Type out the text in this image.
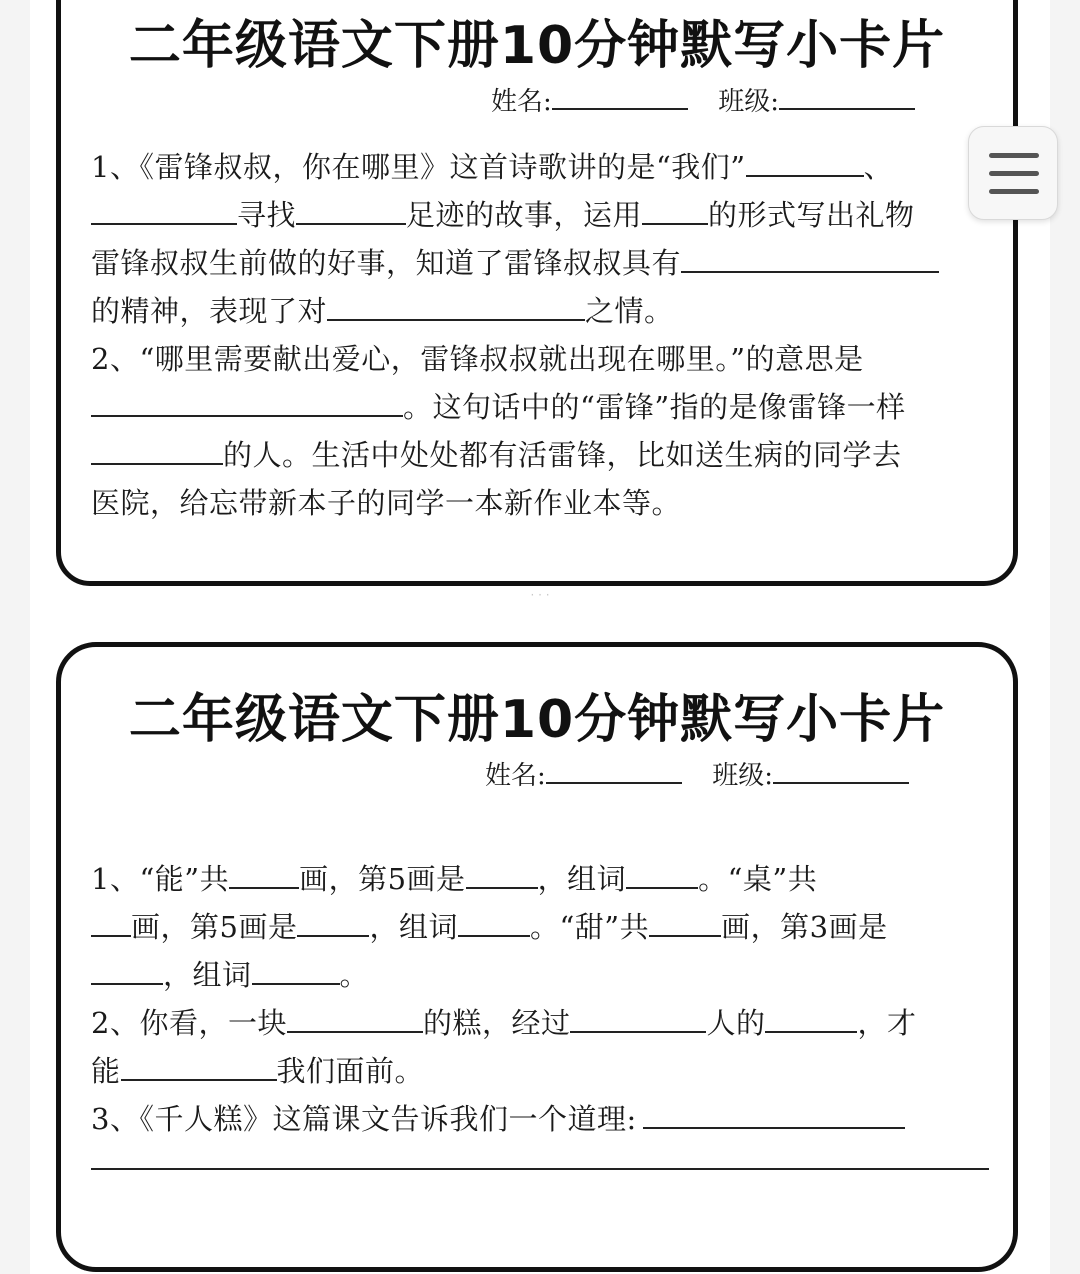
二年级语文下册10分钟默写小卡片
姓名:	班级:
1、《雷锋叔叔，你在哪里》这首诗歌讲的是“我们”	、
寻找	足迹的故事，运用 的形式写出礼物
雷锋叔叔生前做的好事，知道了雷锋叔叔具有
的精神，表现了对	之情。
2、“哪里需要献出爱心，雷锋叔叔就出现在哪里。”的意思是
。这句话中的“雷锋”指的是像雷锋一样
的人。生活中处处都有活雷锋，比如送生病的同学去
医院，给忘带新本子的同学一本新作业本等。
二年级语文下册10分钟默写小卡片
姓名:	班级:
1、“能”共 画，第5画是 ，组词 。“桌”共
画，第5画是 ，组词 。“甜”共 画，第3画是
，组词	。
2、你看，一块	的糕，经过	人的	，才
能	我们面前。
3、《千人糕》这篇课文告诉我们一个道理:
· · ·
